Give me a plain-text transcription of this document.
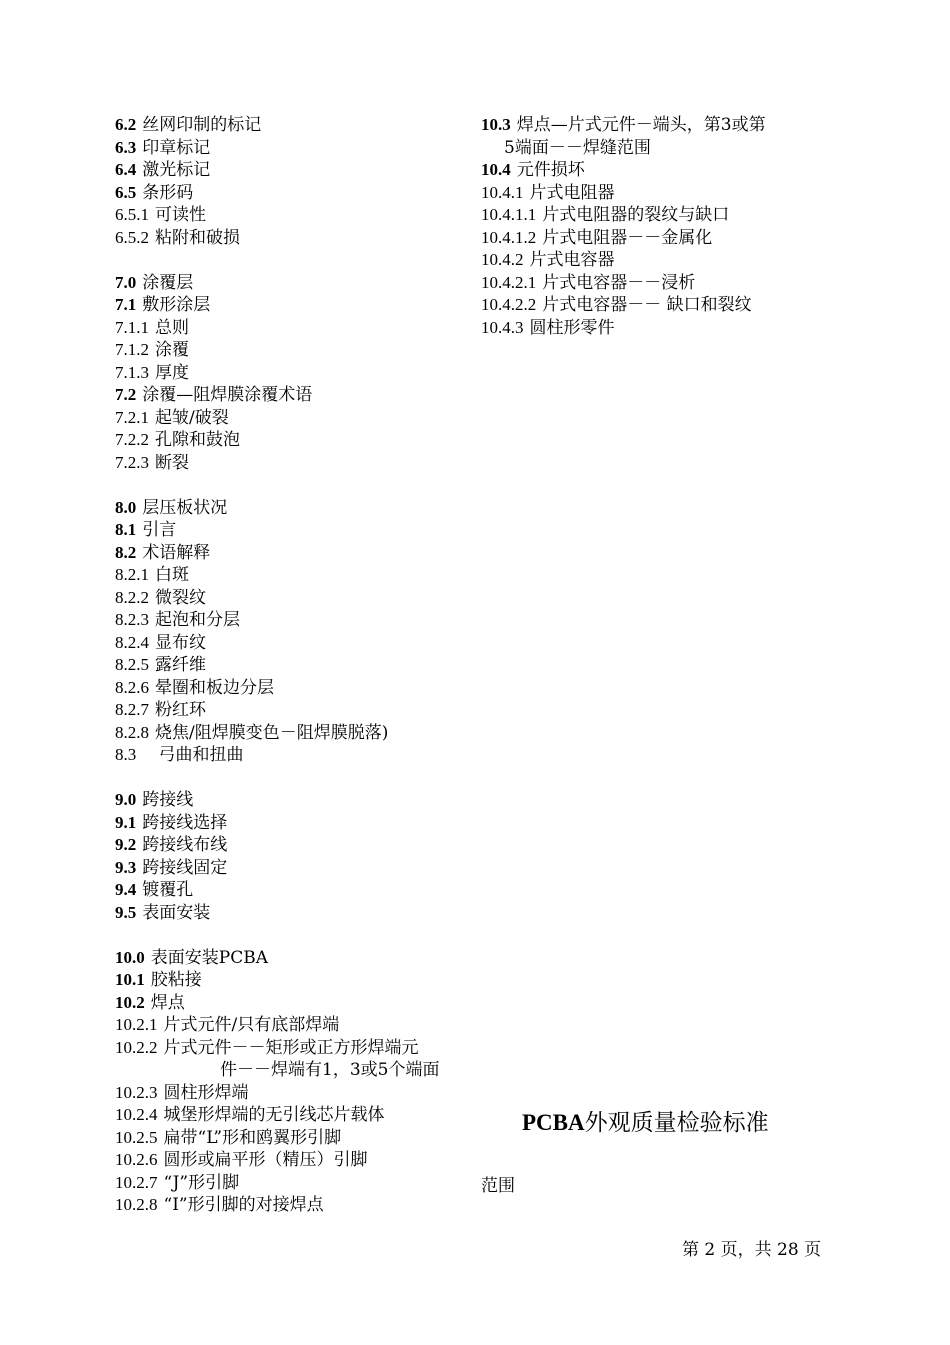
6.2 丝网印制的标记
6.3 印章标记
6.4 激光标记
6.5 条形码
6.5.1 可读性
6.5.2 粘附和破损
7.0 涂覆层
7.1 敷形涂层
7.1.1 总则
7.1.2 涂覆
7.1.3 厚度
7.2 涂覆—阻焊膜涂覆术语
7.2.1 起皱/破裂
7.2.2 孔隙和鼓泡
7.2.3 断裂
8.0 层压板状况
8.1 引言
8.2 术语解释
8.2.1 白斑
8.2.2 微裂纹
8.2.3 起泡和分层
8.2.4 显布纹
8.2.5 露纤维
8.2.6 晕圈和板边分层
8.2.7 粉红环
8.2.8 烧焦/阻焊膜变色－阻焊膜脱落)
8.3   弓曲和扭曲
9.0 跨接线
9.1 跨接线选择
9.2 跨接线布线
9.3 跨接线固定
9.4 镀覆孔
9.5 表面安装
10.0 表面安装PCBA
10.1 胶粘接
10.2 焊点
10.2.1 片式元件/只有底部焊端
10.2.2 片式元件－－矩形或正方形焊端元
件－－焊端有1，3或5个端面
10.2.3 圆柱形焊端
10.2.4 城堡形焊端的无引线芯片载体
10.2.5 扁带“L”形和鸥翼形引脚
10.2.6 圆形或扁平形（精压）引脚
10.2.7 “J”形引脚
10.2.8 “I”形引脚的对接焊点
10.3 焊点—片式元件－端头，第3或第
5端面－－焊缝范围
10.4 元件损坏
10.4.1 片式电阻器
10.4.1.1 片式电阻器的裂纹与缺口
10.4.1.2 片式电阻器－－金属化
10.4.2 片式电容器
10.4.2.1 片式电容器－－浸析
10.4.2.2 片式电容器－－ 缺口和裂纹
10.4.3 圆柱形零件
PCBA外观质量检验标准
范围
第 2 页，共 28 页
